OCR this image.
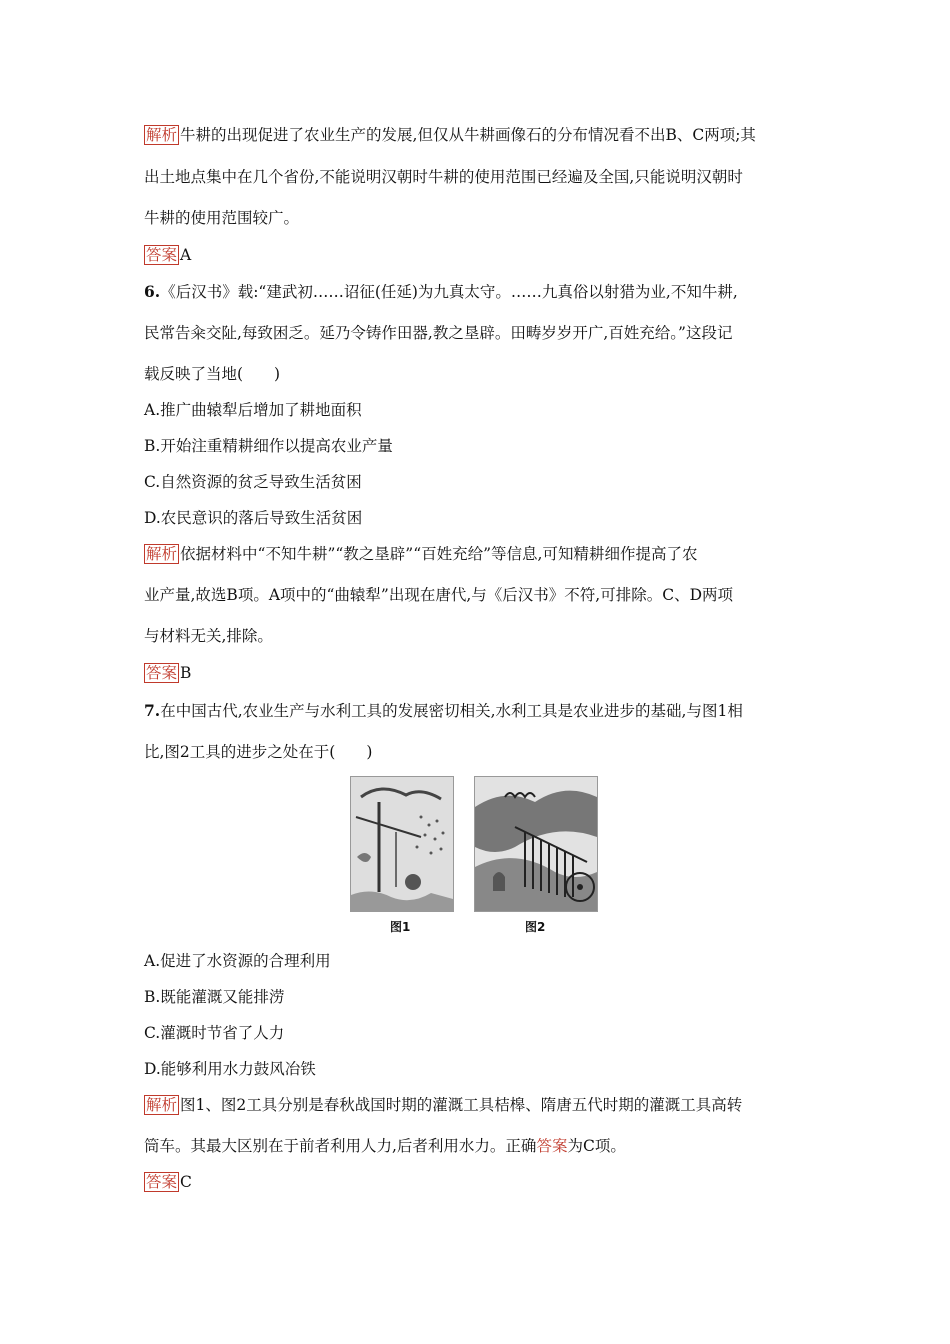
解析 牛耕的出现促进了农业生产的发展,但仅从牛耕画像石的分布情况看不出B、C两项;其
出土地点集中在几个省份,不能说明汉朝时牛耕的使用范围已经遍及全国,只能说明汉朝时
牛耕的使用范围较广。
答案 A
6.《后汉书》载:“建武初……诏征(任延)为九真太守。……九真俗以射猎为业,不知牛耕,
民常告籴交阯,每致困乏。延乃令铸作田器,教之垦辟。田畴岁岁开广,百姓充给。”这段记
载反映了当地(　　)
A.推广曲辕犁后增加了耕地面积
B.开始注重精耕细作以提高农业产量
C.自然资源的贫乏导致生活贫困
D.农民意识的落后导致生活贫困
解析 依据材料中“不知牛耕”“教之垦辟”“百姓充给”等信息,可知精耕细作提高了农
业产量,故选B项。A项中的“曲辕犁”出现在唐代,与《后汉书》不符,可排除。C、D两项
与材料无关,排除。
答案 B
7.在中国古代,农业生产与水利工具的发展密切相关,水利工具是农业进步的基础,与图1相
比,图2工具的进步之处在于(　　)
图1	图2
A.促进了水资源的合理利用
B.既能灌溉又能排涝
C.灌溉时节省了人力
D.能够利用水力鼓风冶铁
解析 图1、图2工具分别是春秋战国时期的灌溉工具桔槔、隋唐五代时期的灌溉工具高转
筒车。其最大区别在于前者利用人力,后者利用水力。正确答案为C项。
答案 C
